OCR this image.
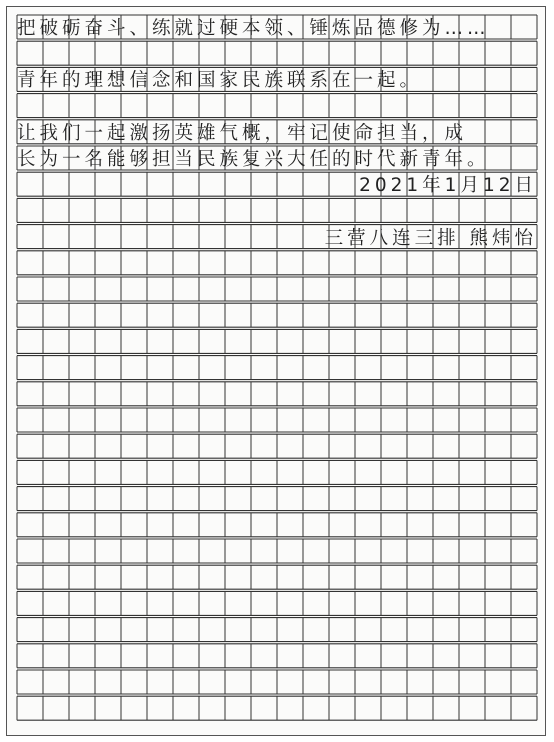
把破砺奋斗、练就过硬本领、锤炼品德修为……
青年的理想信念和国家民族联系在一起。
让我们一起激扬英雄气概，牢记使命担当，成
长为一名能够担当民族复兴大任的时代新青年。
2021年1月12日
三营八连三排 熊炜怡
